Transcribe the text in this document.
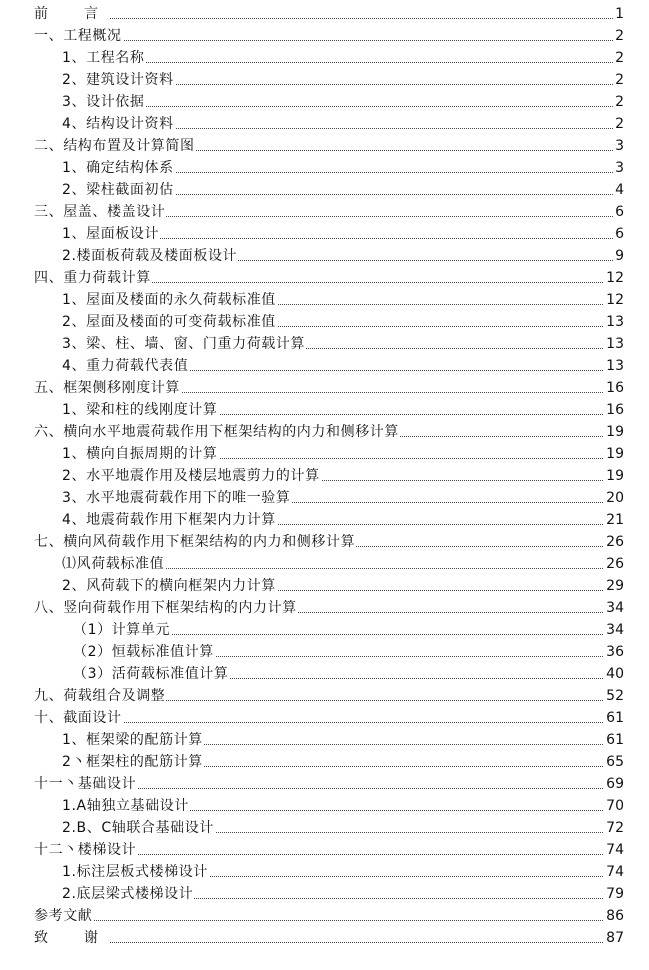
前　言	1
一、工程概况	2
1、工程名称	2
2、建筑设计资料	2
3、设计依据	2
4、结构设计资料	2
二、结构布置及计算简图	3
1、确定结构体系	3
2、梁柱截面初估	4
三、屋盖、楼盖设计	6
1、屋面板设计	6
2.楼面板荷载及楼面板设计	9
四、重力荷载计算	12
1、屋面及楼面的永久荷载标准值	12
2、屋面及楼面的可变荷载标准值	13
3、梁、柱、墙、窗、门重力荷载计算	13
4、重力荷载代表值	13
五、框架侧移刚度计算	16
1、梁和柱的线刚度计算	16
六、横向水平地震荷载作用下框架结构的内力和侧移计算	19
1、横向自振周期的计算	19
2、水平地震作用及楼层地震剪力的计算	19
3、水平地震荷载作用下的唯一验算	20
4、地震荷载作用下框架内力计算	21
七、横向风荷载作用下框架结构的内力和侧移计算	26
⑴风荷载标准值	26
2、风荷载下的横向框架内力计算	29
八、竖向荷载作用下框架结构的内力计算	34
（1）计算单元	34
（2）恒载标准值计算	36
（3）活荷载标准值计算	40
九、荷载组合及调整	52
十、截面设计	61
1、框架梁的配筋计算	61
2丶框架柱的配筋计算	65
十一丶基础设计	69
1.A轴独立基础设计	70
2.B、C轴联合基础设计	72
十二丶楼梯设计	74
1.标注层板式楼梯设计	74
2.底层梁式楼梯设计	79
参考文献	86
致　谢	87
